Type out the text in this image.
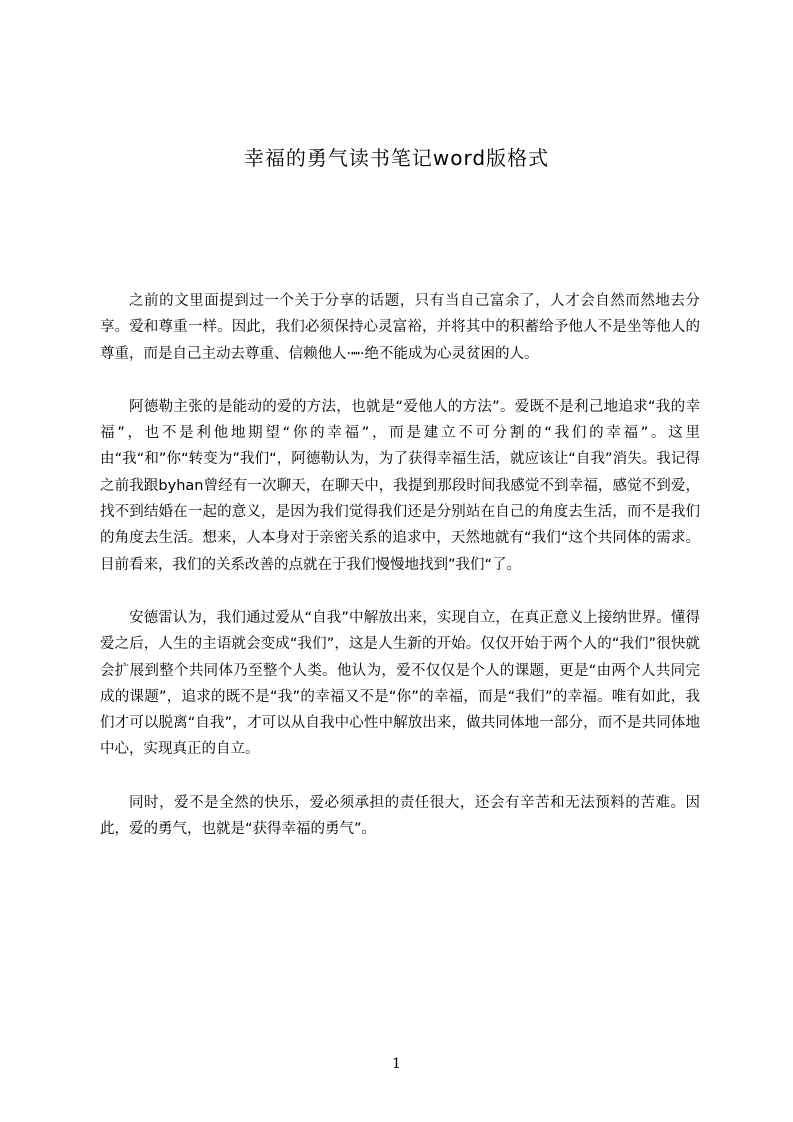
幸福的勇气读书笔记word版格式

之前的文里面提到过一个关于分享的话题，只有当自己富余了，人才会自然而然地去分享。爱和尊重一样。因此，我们必须保持心灵富裕，并将其中的积蓄给予他人不是坐等他人的尊重，而是自己主动去尊重、信赖他人·┉·绝不能成为心灵贫困的人。

阿德勒主张的是能动的爱的方法，也就是“爱他人的方法”。爱既不是利己地追求“我的幸福”，也不是利他地期望“你的幸福”，而是建立不可分割的“我们的幸福”。这里由“我“和”你“转变为”我们“，阿德勒认为，为了获得幸福生活，就应该让“自我”消失。我记得之前我跟byhan曾经有一次聊天，在聊天中，我提到那段时间我感觉不到幸福，感觉不到爱，找不到结婚在一起的意义，是因为我们觉得我们还是分别站在自己的角度去生活，而不是我们的角度去生活。想来，人本身对于亲密关系的追求中，天然地就有“我们“这个共同体的需求。目前看来，我们的关系改善的点就在于我们慢慢地找到”我们“了。

安德雷认为，我们通过爱从“自我”中解放出来，实现自立，在真正意义上接纳世界。懂得爱之后，人生的主语就会变成“我们”，这是人生新的开始。仅仅开始于两个人的“我们”很快就会扩展到整个共同体乃至整个人类。他认为，爱不仅仅是个人的课题，更是“由两个人共同完成的课题”，追求的既不是“我”的幸福又不是“你”的幸福，而是“我们”的幸福。唯有如此，我们才可以脱离“自我”，才可以从自我中心性中解放出来，做共同体地一部分，而不是共同体地中心，实现真正的自立。

同时，爱不是全然的快乐，爱必须承担的责任很大，还会有辛苦和无法预料的苦难。因此，爱的勇气，也就是“获得幸福的勇气”。

1
